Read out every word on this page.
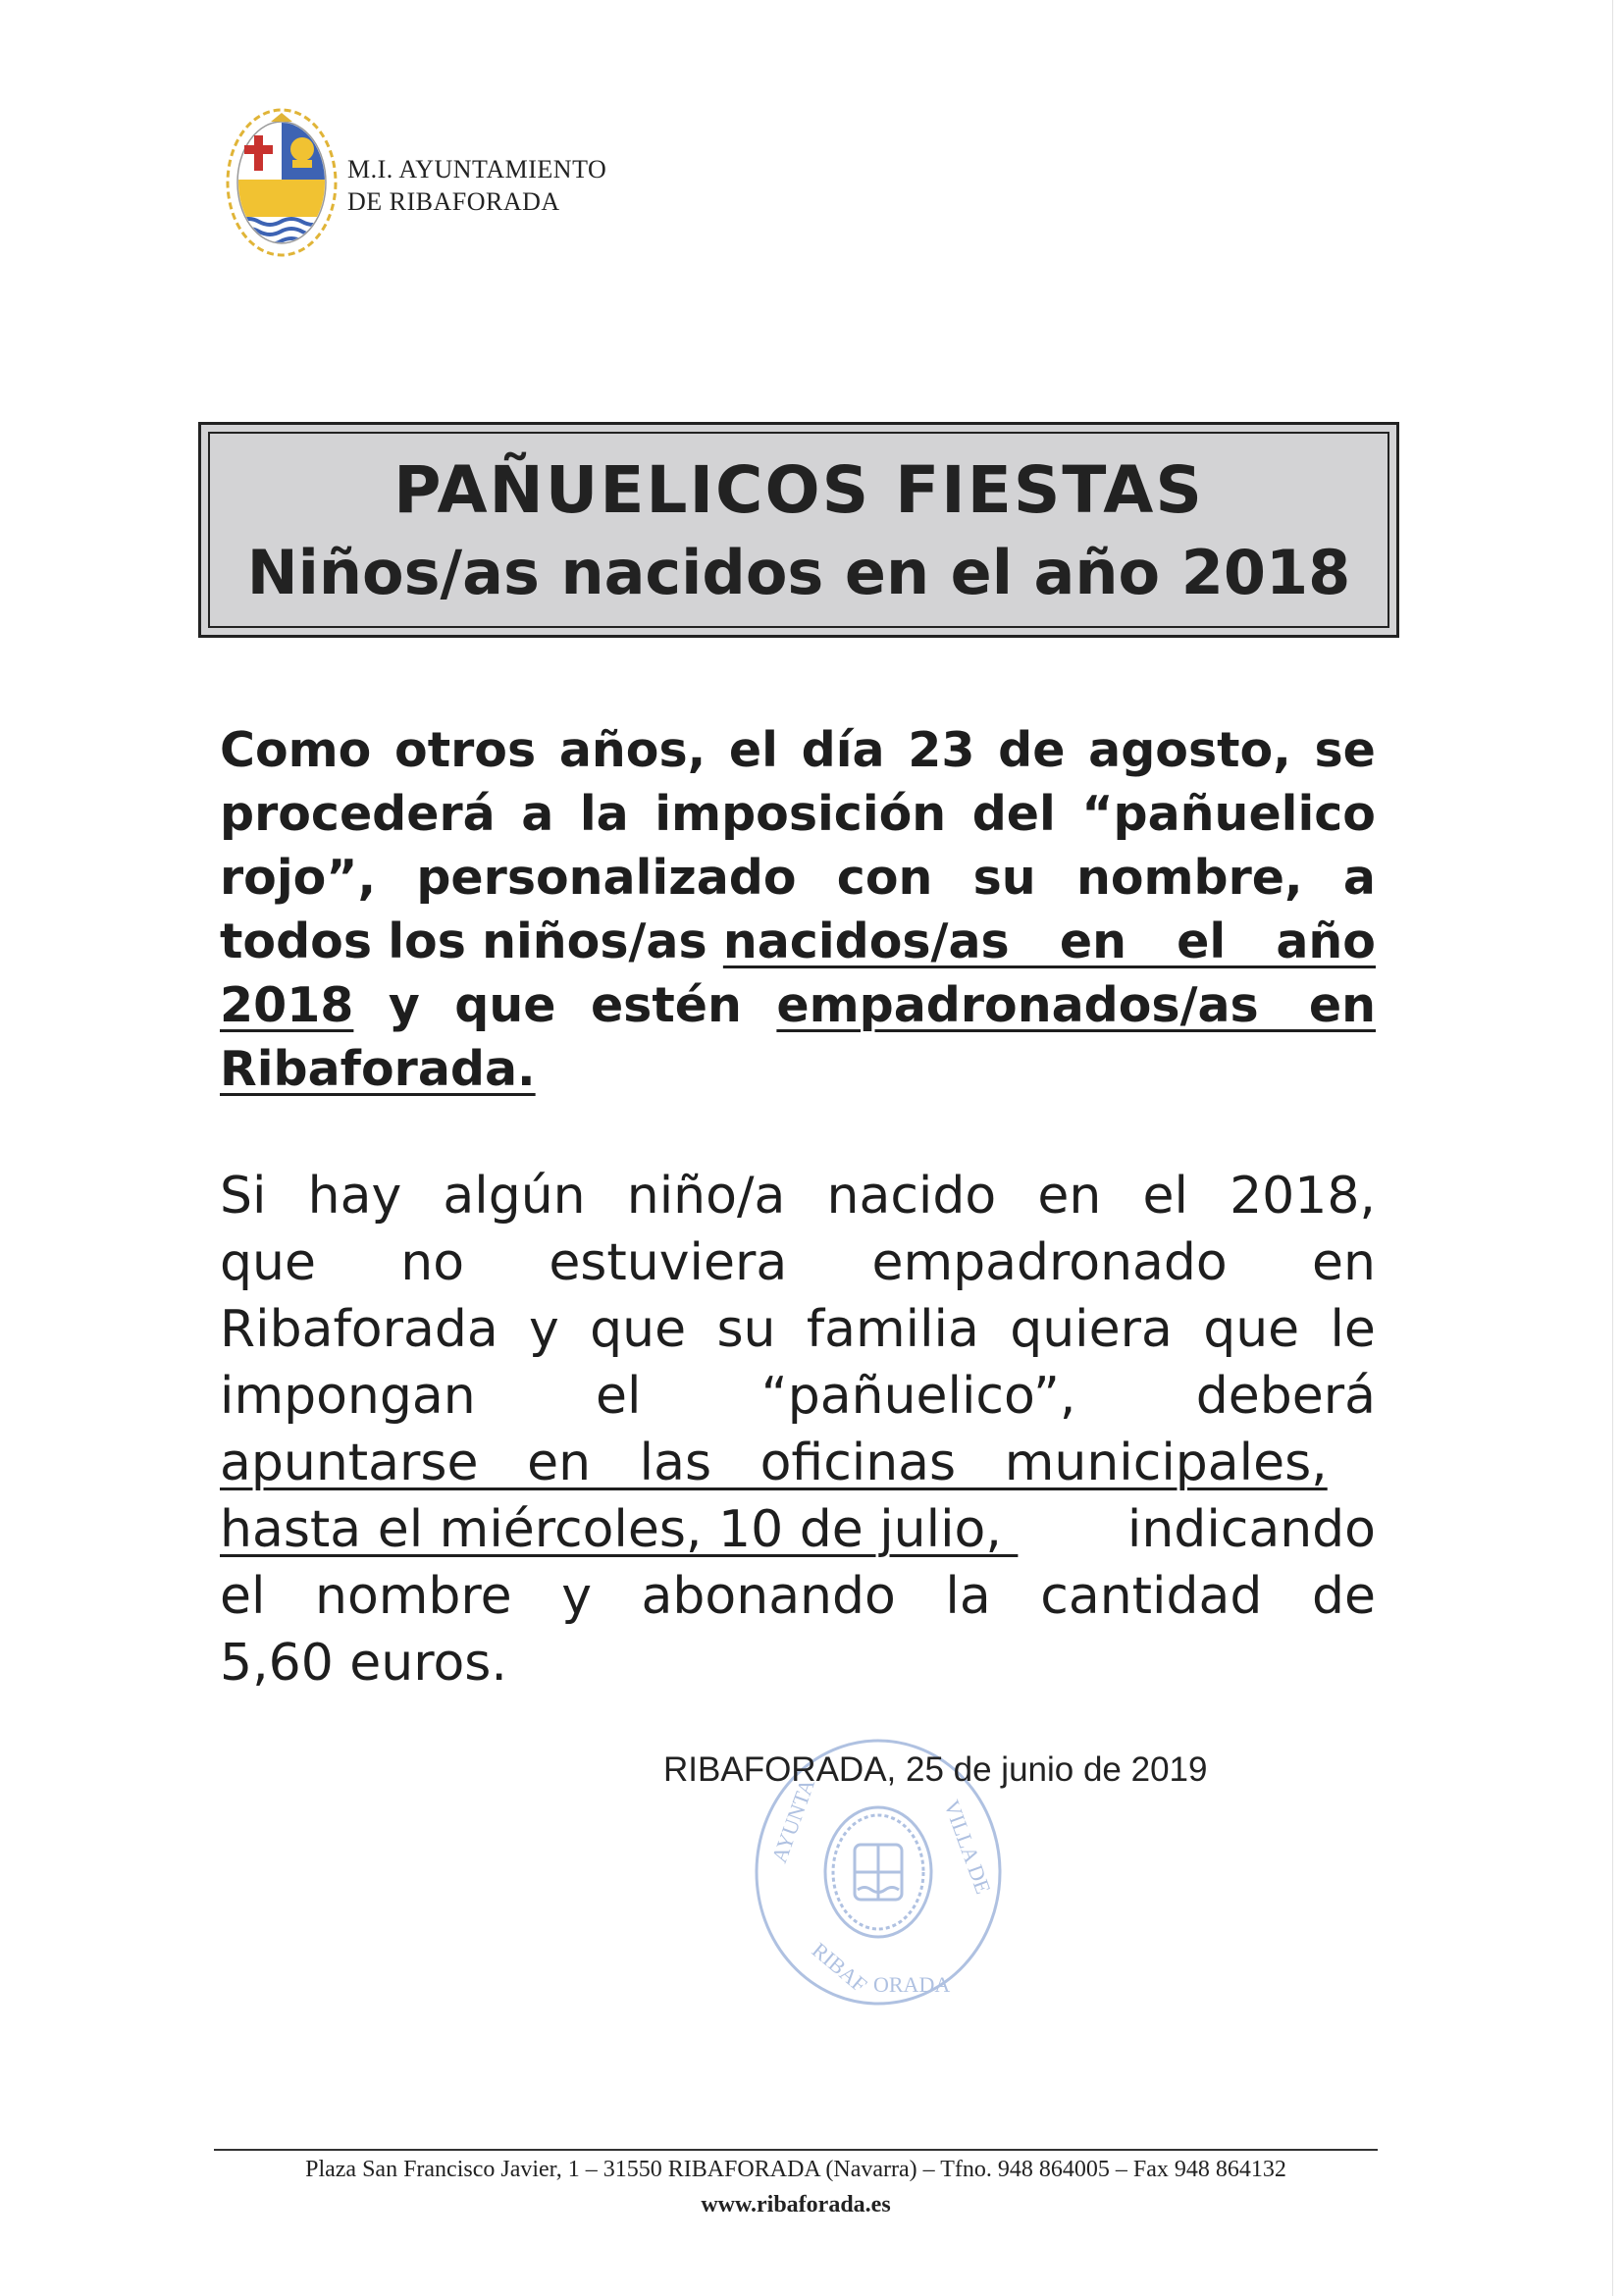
M.I. AYUNTAMIENTO
DE RIBAFORADA
PAÑUELICOS FIESTAS
Niños/as nacidos en el año 2018
Como otros años, el día 23 de agosto, se
procederá a la imposición del “pañuelico
rojo”, personalizado con su nombre, a
todos los niños/as nacidos/as   en   el   año
2018 y que estén empadronados/as   en
Ribaforada.
Si hay algún niño/a nacido en el 2018,
que no estuviera empadronado en
Ribaforada y que su familia quiera que le
impongan el “pañuelico”, deberá
apuntarse   en   las   oficinas   municipales,
hasta el miércoles, 10 de julio, indicando
el nombre y abonando la cantidad de
5,60 euros.
AYUNTA	VILLA DE
RIBAF ORADA
RIBAFORADA, 25 de junio de 2019
Plaza San Francisco Javier, 1 – 31550 RIBAFORADA (Navarra) – Tfno. 948 864005 – Fax 948 864132
www.ribaforada.es
